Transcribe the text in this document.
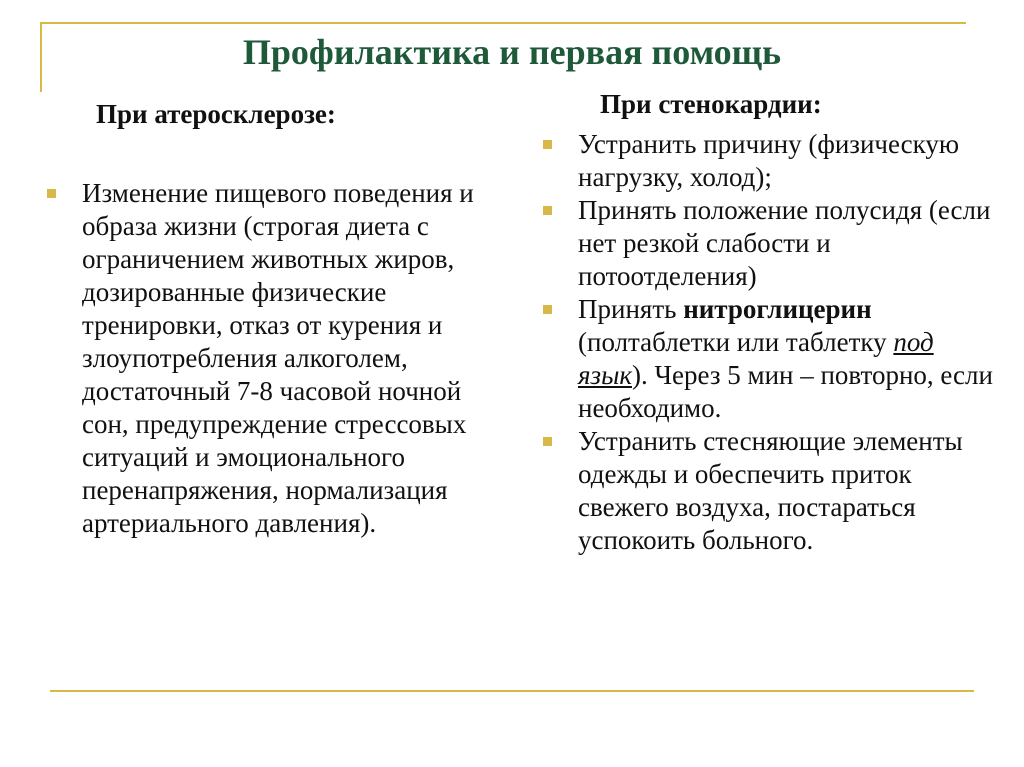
Профилактика и первая помощь
При атеросклерозе:	При стенокардии:
Изменение пищевого поведения и образа жизни (строгая диета с ограничением животных жиров, дозированные физические тренировки, отказ от курения и злоупотребления алкоголем, достаточный 7-8 часовой ночной сон, предупреждение стрессовых ситуаций и эмоционального перенапряжения, нормализация артериального давления).
Устранить причину (физическую нагрузку, холод);
Принять положение полусидя (если нет резкой слабости и потоотделения)
Принять нитроглицерин (полтаблетки или таблетку под язык). Через 5 мин – повторно, если необходимо.
Устранить стесняющие элементы одежды и обеспечить приток свежего воздуха, постараться успокоить больного.
